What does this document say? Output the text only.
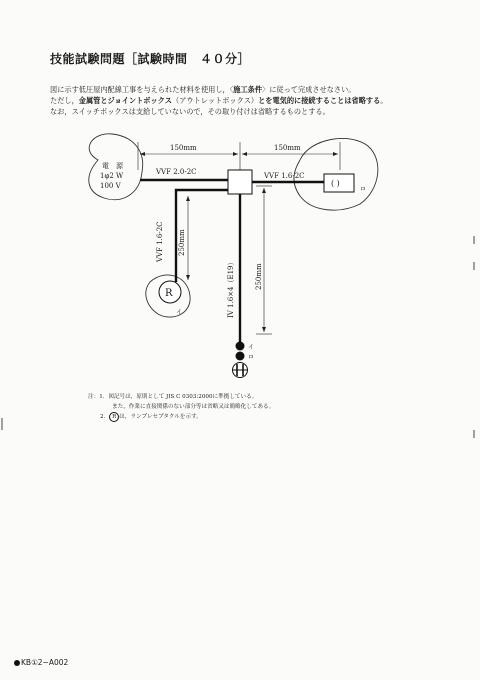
技能試験問題［試験時間　４０分］
図に示す低圧屋内配線工事を与えられた材料を使用し，〈施工条件〉に従って完成させなさい。
ただし，金属管とジョイントボックス（アウトレットボックス）とを電気的に接続することは省略する。
なお，スイッチボックスは支給していないので，その取り付けは省略するものとする。
電　源
1φ2 W
100 V
150mm	150mm
VVF 2.0-2C	VVF 1.6-2C
( )
ロ
VVF 1.6-2C 250mm
R
イ	IV 1.6×4（E19）	250mm
イ
ロ
注：1．図記号は，原則として JIS C 0303:2000に準拠している。
また，作業に直接関係のない部分等は省略又は簡略化してある。
2． R は，ランプレセプタクルを示す。
KB①2−A002
